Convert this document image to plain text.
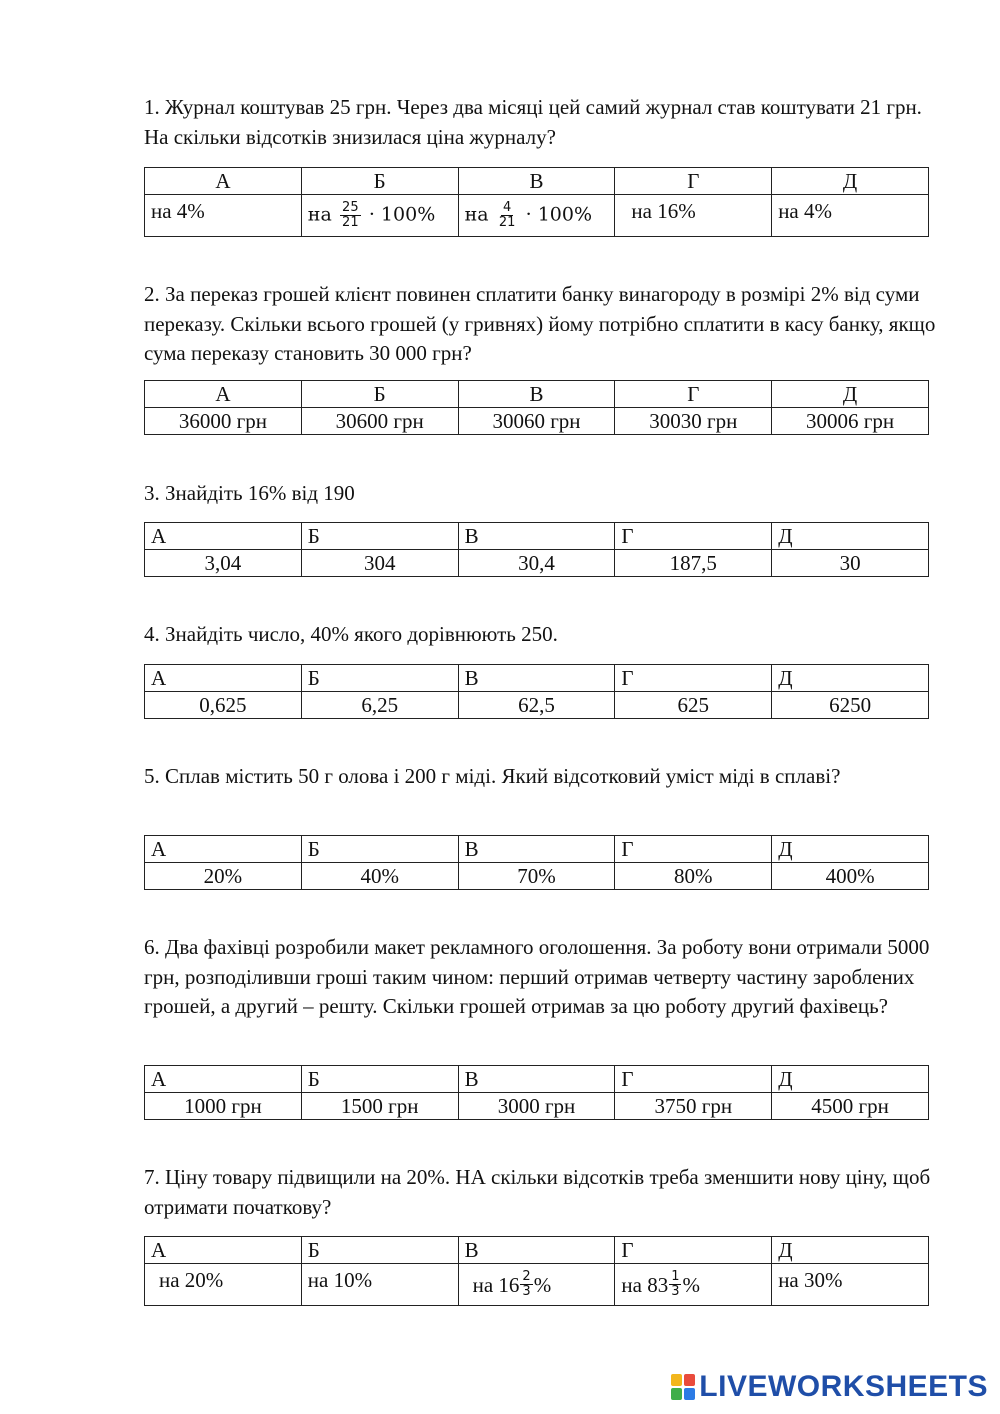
1. Журнал коштував 25 грн. Через два місяці цей самий журнал став коштувати 21 грн. На скільки відсотків знизилася ціна журналу?

А	Б	В	Г	Д
на 4%	на $\frac{25}{21} \cdot 100\%$	на $\frac{4}{21} \cdot 100\%$	на 16%	на 4%

2. За переказ грошей клієнт повинен сплатити банку винагороду в розмірі 2% від суми переказу. Скільки всього грошей (у гривнях) йому потрібно сплатити в касу банку, якщо сума переказу становить 30 000 грн?

А	Б	В	Г	Д
36000 грн	30600 грн	30060 грн	30030 грн	30006 грн

3. Знайдіть 16% від 190

А	Б	В	Г	Д
3,04	304	30,4	187,5	30

4. Знайдіть число, 40% якого дорівнюють 250.

А	Б	В	Г	Д
0,625	6,25	62,5	625	6250

5. Сплав містить 50 г олова і 200 г міді. Який відсотковий уміст міді в сплаві?

А	Б	В	Г	Д
20%	40%	70%	80%	400%

6. Два фахівці розробили макет рекламного оголошення. За роботу вони отримали 5000 грн, розподіливши гроші таким чином: перший отримав четверту частину зароблених грошей, а другий – решту. Скільки грошей отримав за цю роботу другий фахівець?

А	Б	В	Г	Д
1000 грн	1500 грн	3000 грн	3750 грн	4500 грн

7. Ціну товару підвищили на 20%. НА скільки відсотків треба зменшити нову ціну, щоб отримати початкову?

А	Б	В	Г	Д
на 20%	на 10%	на $16 \frac{2}{3}$ %	на $83 \frac{1}{3}$ %	на 30%
LIVEWORKSHEETS
